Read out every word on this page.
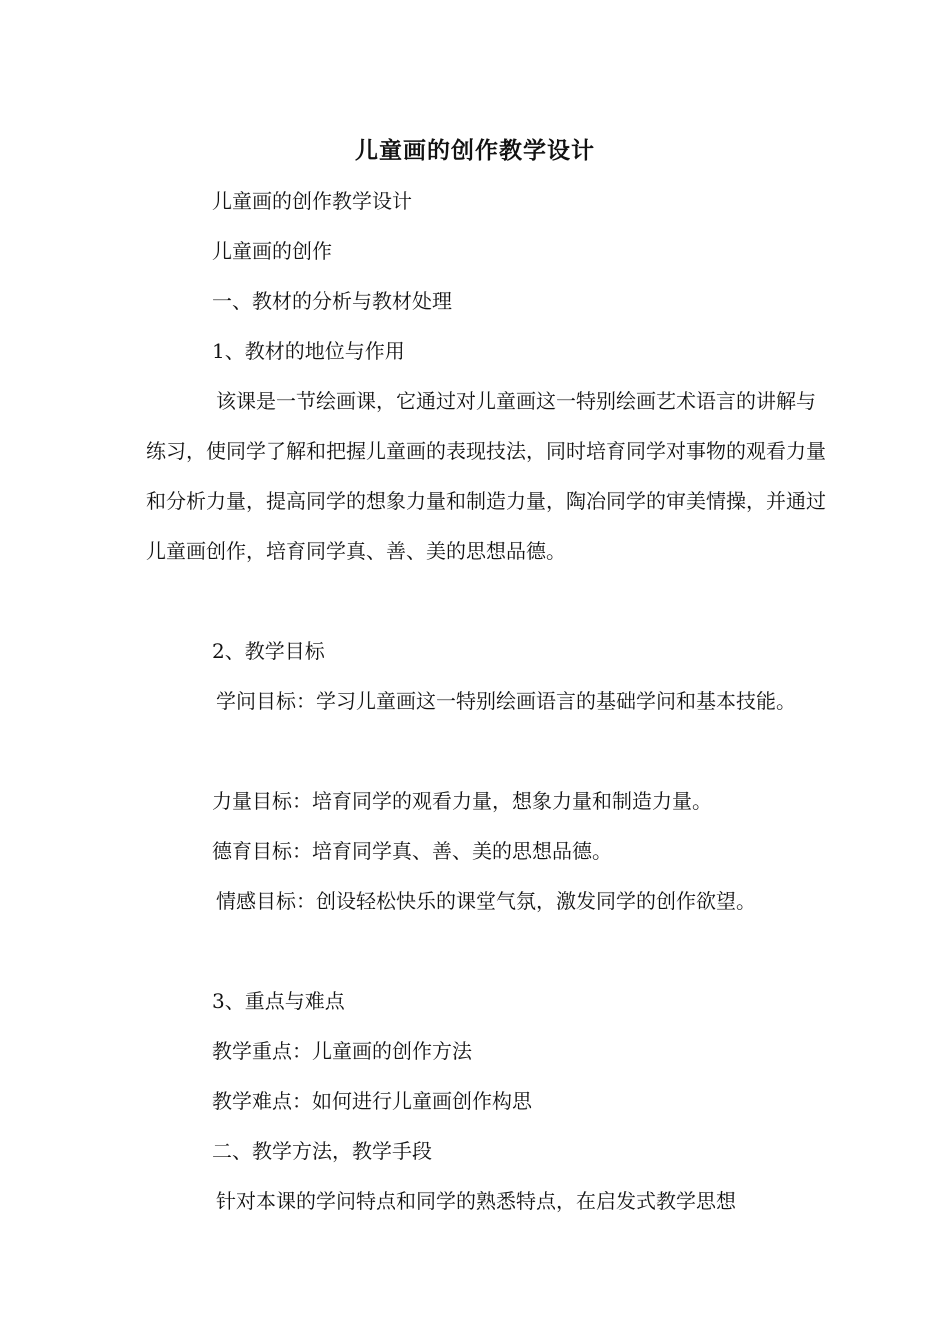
儿童画的创作教学设计

儿童画的创作教学设计

儿童画的创作

一、教材的分析与教材处理

1、教材的地位与作用

该课是一节绘画课，它通过对儿童画这一特别绘画艺术语言的讲解与练习，使同学了解和把握儿童画的表现技法，同时培育同学对事物的观看力量和分析力量，提高同学的想象力量和制造力量，陶冶同学的审美情操，并通过儿童画创作，培育同学真、善、美的思想品德。

2、教学目标

学问目标：学习儿童画这一特别绘画语言的基础学问和基本技能。

力量目标：培育同学的观看力量，想象力量和制造力量。

德育目标：培育同学真、善、美的思想品德。

情感目标：创设轻松快乐的课堂气氛，激发同学的创作欲望。

3、重点与难点

教学重点：儿童画的创作方法

教学难点：如何进行儿童画创作构思

二、教学方法，教学手段

针对本课的学问特点和同学的熟悉特点，在启发式教学思想
